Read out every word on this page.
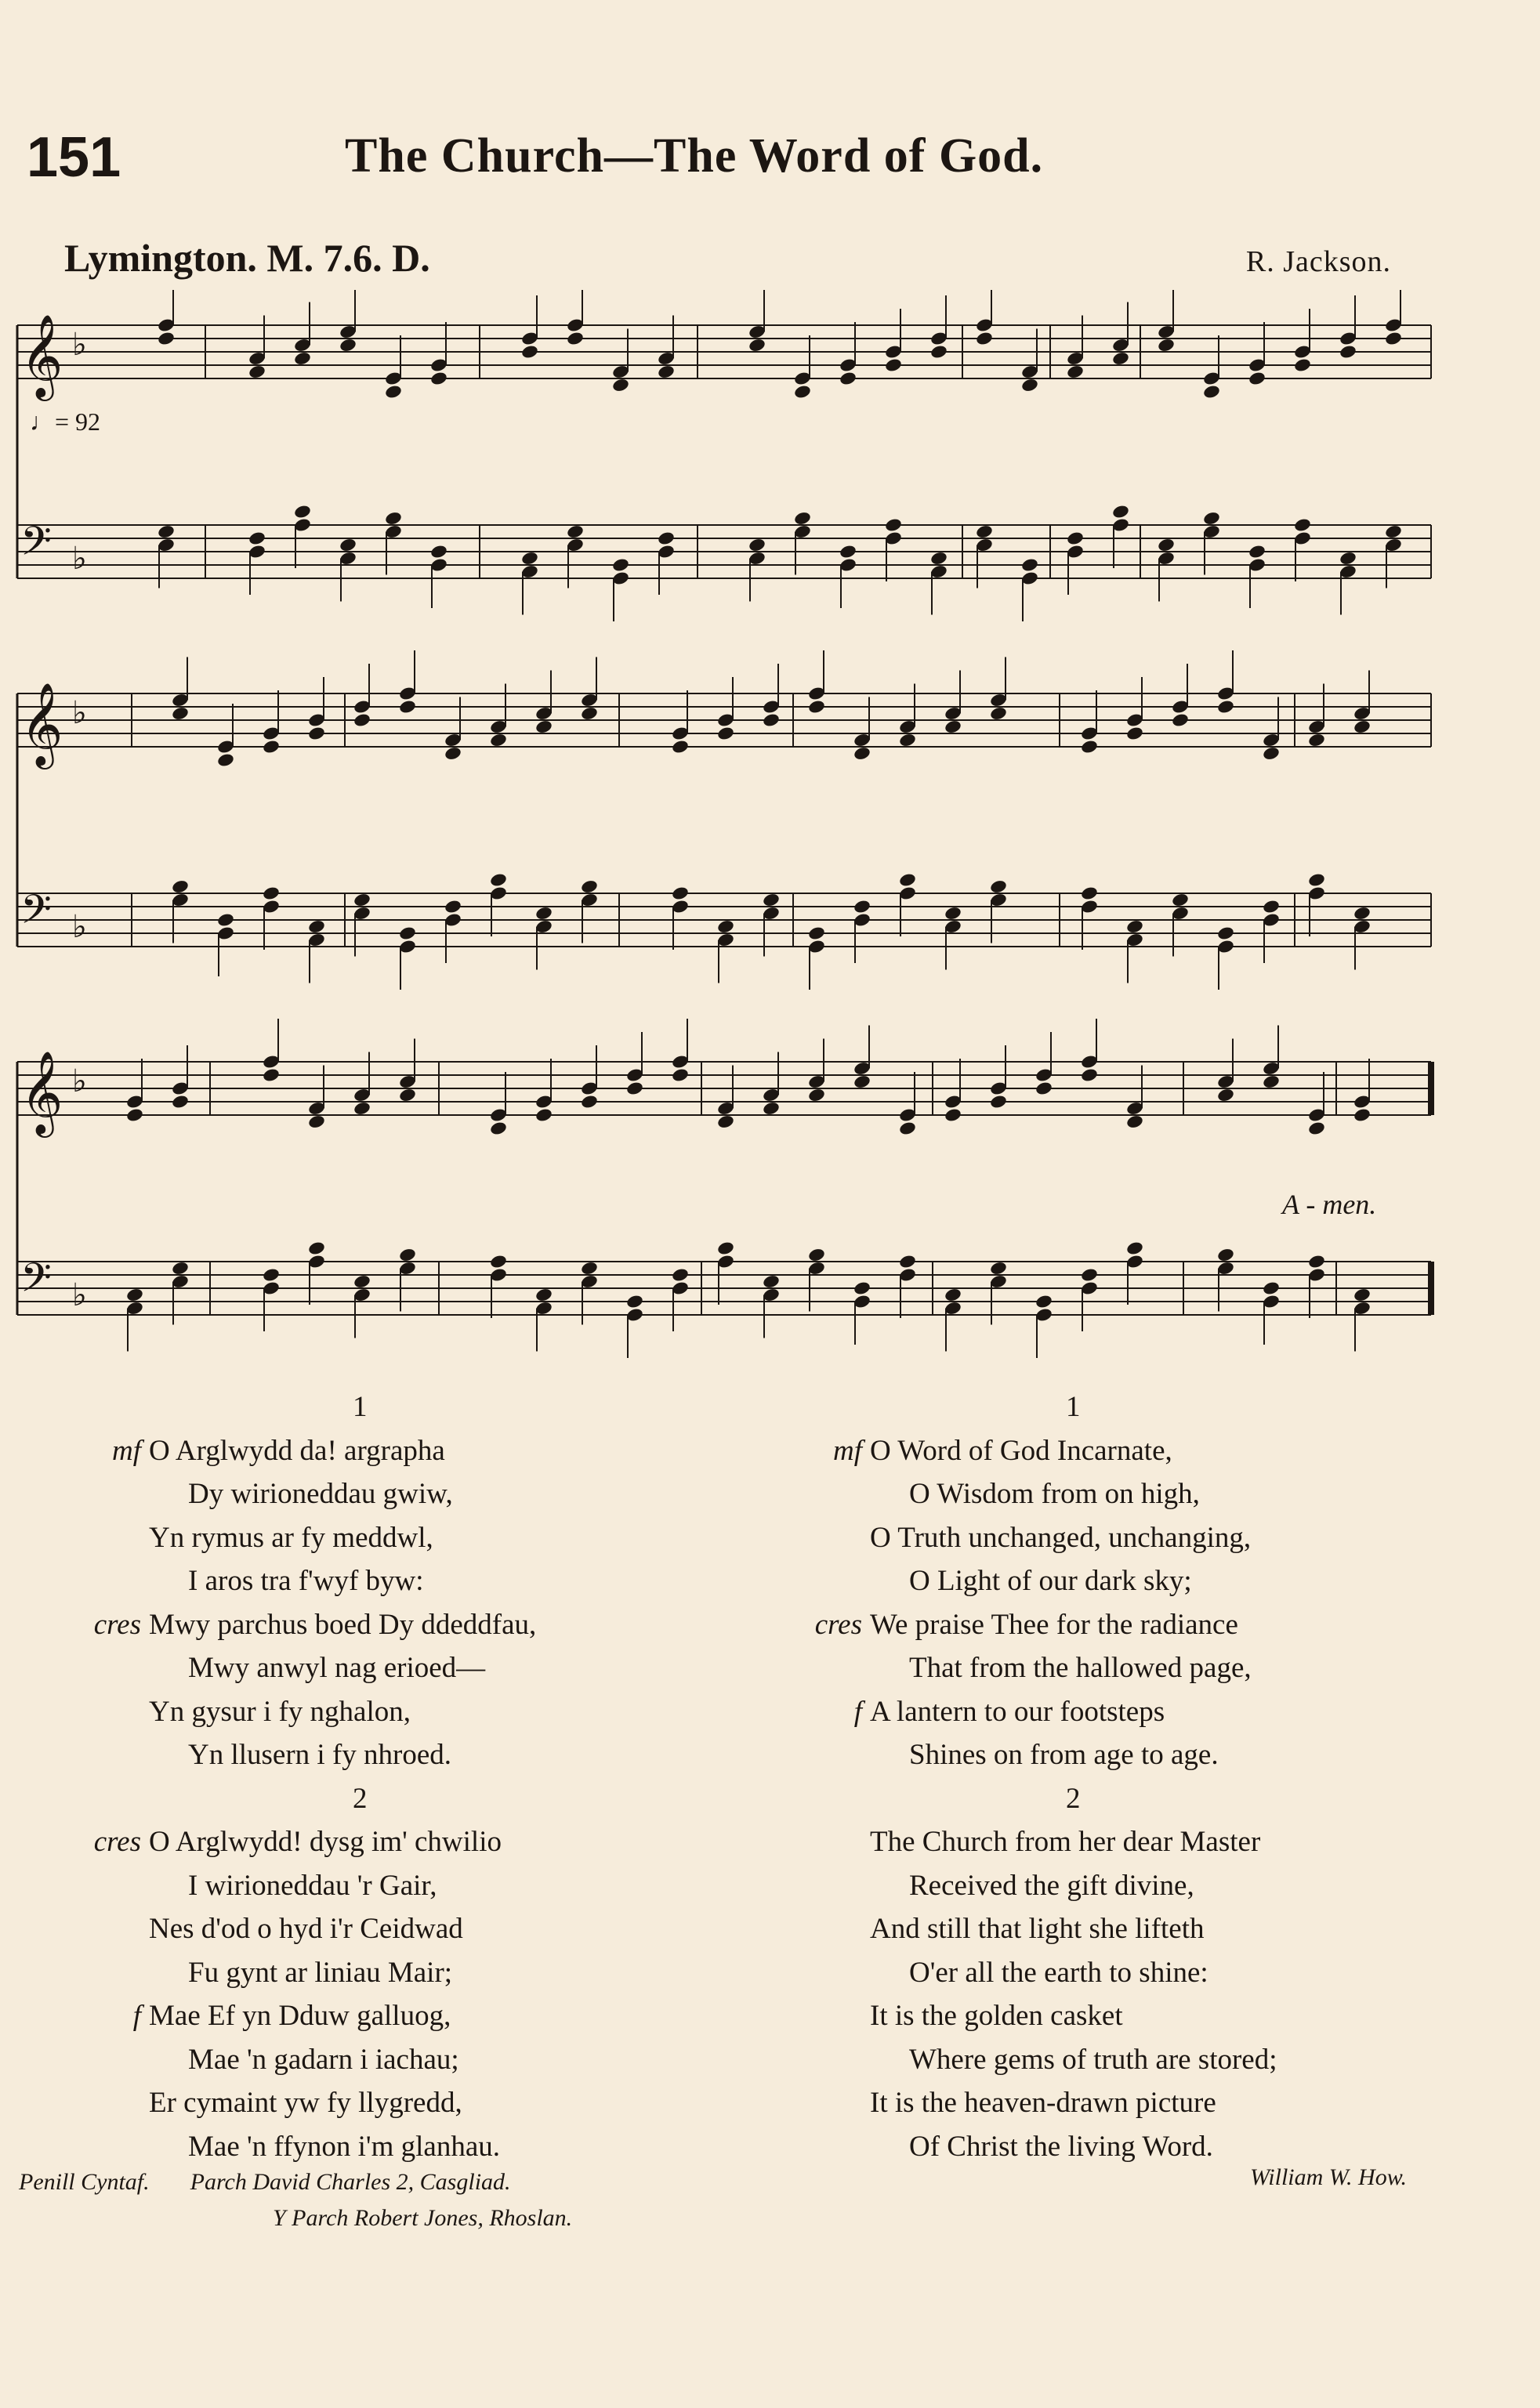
151	The Church—The Word of God.
Lymington. M. 7.6. D.	R. Jackson.
𝄞 ♭
𝄢 ♭
𝄞 ♭
𝄢 ♭
𝄞 ♭
𝄢 ♭
♩= 92
A - men.
1
mf O Arglwydd da! argrapha
Dy wirioneddau gwiw,
Yn rymus ar fy meddwl,
I aros tra f'wyf byw:
cres Mwy parchus boed Dy ddeddfau,
Mwy anwyl nag erioed—
Yn gysur i fy nghalon,
Yn llusern i fy nhroed.
2
cres O Arglwydd! dysg im' chwilio
I wirioneddau 'r Gair,
Nes d'od o hyd i'r Ceidwad
Fu gynt ar liniau Mair;
f Mae Ef yn Dduw galluog,
Mae 'n gadarn i iachau;
Er cymaint yw fy llygredd,
Mae 'n ffynon i'm glanhau.
1
mf O Word of God Incarnate,
O Wisdom from on high,
O Truth unchanged, unchanging,
O Light of our dark sky;
cres We praise Thee for the radiance
That from the hallowed page,
f A lantern to our footsteps
Shines on from age to age.
2
The Church from her dear Master
Received the gift divine,
And still that light she lifteth
O'er all the earth to shine:
It is the golden casket
Where gems of truth are stored;
It is the heaven-drawn picture
Of Christ the living Word.
Penill Cyntaf. Parch David Charles 2, Casgliad.
Y Parch Robert Jones, Rhoslan.
William W. How.
